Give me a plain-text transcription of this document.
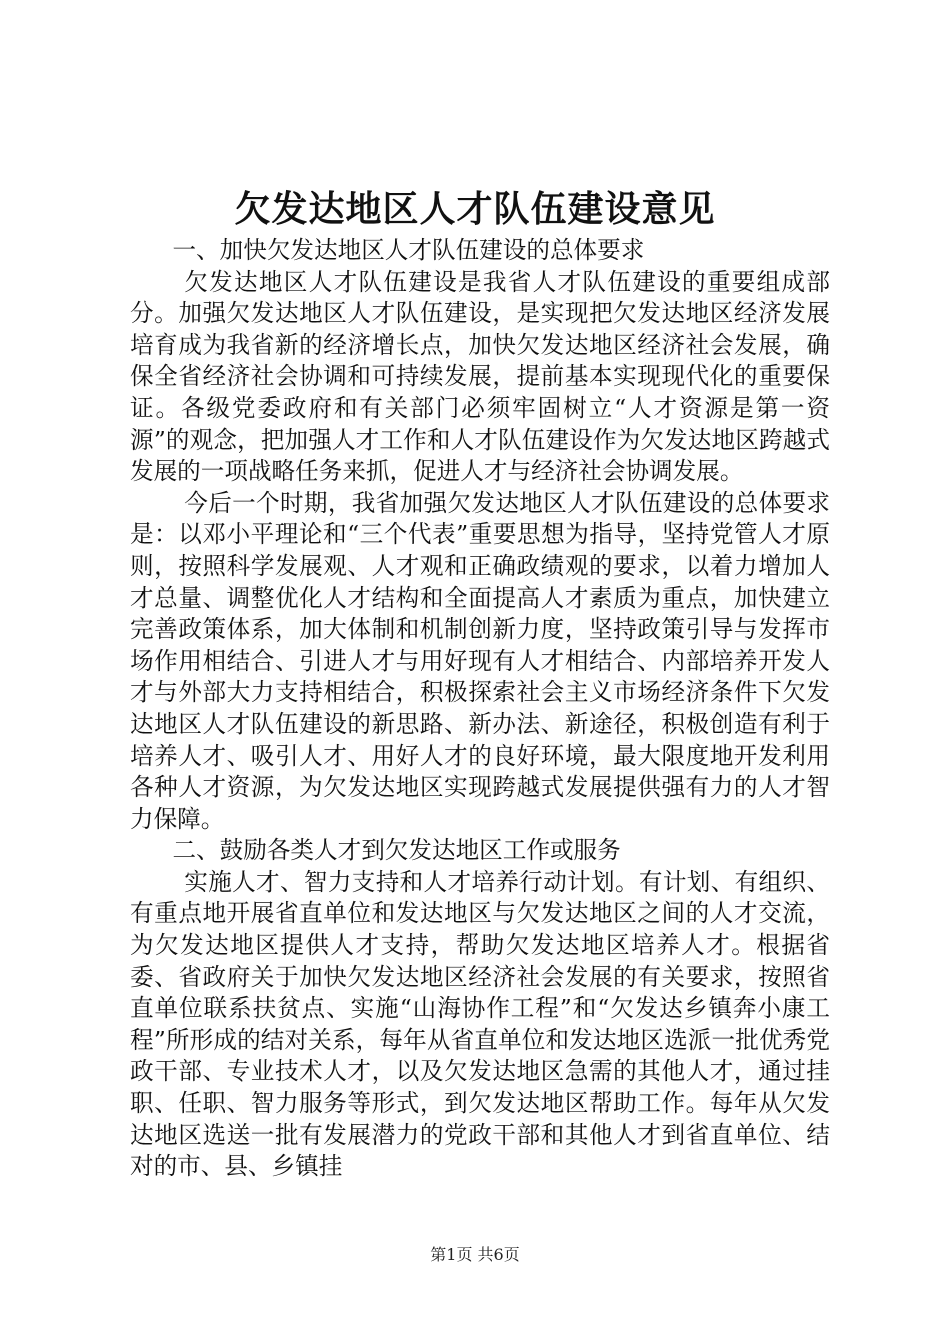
欠发达地区人才队伍建设意见

一、加快欠发达地区人才队伍建设的总体要求

欠发达地区人才队伍建设是我省人才队伍建设的重要组成部分。加强欠发达地区人才队伍建设，是实现把欠发达地区经济发展培育成为我省新的经济增长点，加快欠发达地区经济社会发展，确保全省经济社会协调和可持续发展，提前基本实现现代化的重要保证。各级党委政府和有关部门必须牢固树立“人才资源是第一资源”的观念，把加强人才工作和人才队伍建设作为欠发达地区跨越式发展的一项战略任务来抓，促进人才与经济社会协调发展。

今后一个时期，我省加强欠发达地区人才队伍建设的总体要求是：以邓小平理论和“三个代表”重要思想为指导，坚持党管人才原则，按照科学发展观、人才观和正确政绩观的要求，以着力增加人才总量、调整优化人才结构和全面提高人才素质为重点，加快建立完善政策体系，加大体制和机制创新力度，坚持政策引导与发挥市场作用相结合、引进人才与用好现有人才相结合、内部培养开发人才与外部大力支持相结合，积极探索社会主义市场经济条件下欠发达地区人才队伍建设的新思路、新办法、新途径，积极创造有利于培养人才、吸引人才、用好人才的良好环境，最大限度地开发利用各种人才资源，为欠发达地区实现跨越式发展提供强有力的人才智力保障。

二、鼓励各类人才到欠发达地区工作或服务

实施人才、智力支持和人才培养行动计划。有计划、有组织、有重点地开展省直单位和发达地区与欠发达地区之间的人才交流，为欠发达地区提供人才支持，帮助欠发达地区培养人才。根据省委、省政府关于加快欠发达地区经济社会发展的有关要求，按照省直单位联系扶贫点、实施“山海协作工程”和“欠发达乡镇奔小康工程”所形成的结对关系，每年从省直单位和发达地区选派一批优秀党政干部、专业技术人才，以及欠发达地区急需的其他人才，通过挂职、任职、智力服务等形式，到欠发达地区帮助工作。每年从欠发达地区选送一批有发展潜力的党政干部和其他人才到省直单位、结对的市、县、乡镇挂

第1页 共6页
